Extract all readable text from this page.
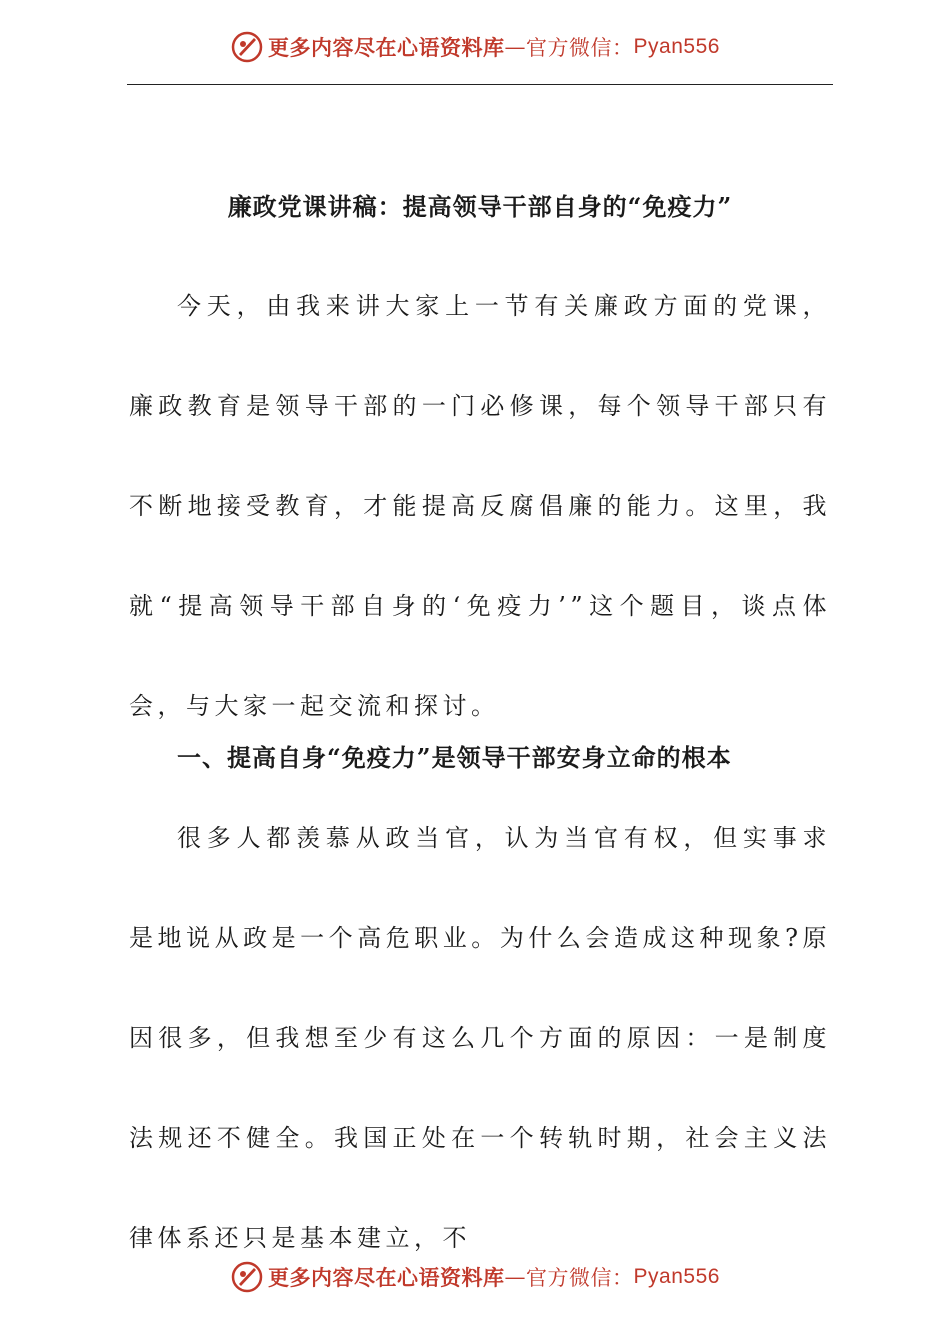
更多内容尽在心语资料库 — 官方微信： Pyan556
廉政党课讲稿：提高领导干部自身的“免疫力”

今天，由我来讲大家上一节有关廉政方面的党课，廉政教育是领导干部的一门必修课，每个领导干部只有不断地接受教育，才能提高反腐倡廉的能力。这里，我就“提高领导干部自身的‘免疫力’”这个题目，谈点体会，与大家一起交流和探讨。

一、提高自身“免疫力”是领导干部安身立命的根本

很多人都羡慕从政当官，认为当官有权，但实事求是地说从政是一个高危职业。为什么会造成这种现象?原因很多，但我想至少有这么几个方面的原因：一是制度法规还不健全。我国正处在一个转轨时期，社会主义法律体系还只是基本建立，不

更多内容尽在心语资料库 — 官方微信： Pyan556
